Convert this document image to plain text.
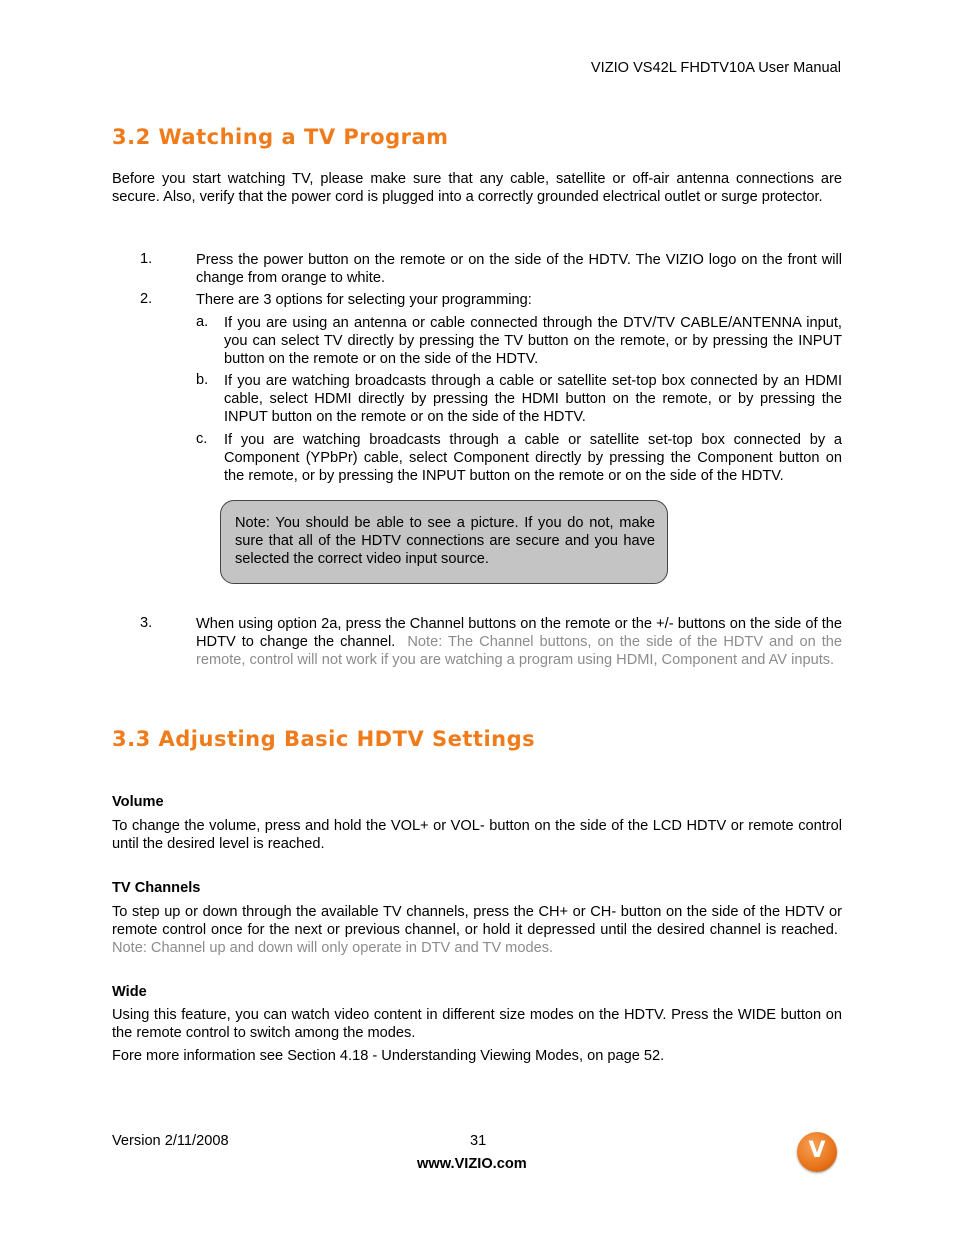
VIZIO VS42L FHDTV10A User Manual
3.2 Watching a TV Program
Before you start watching TV, please make sure that any cable, satellite or off-air antenna connections are secure. Also, verify that the power cord is plugged into a correctly grounded electrical outlet or surge protector.
1.	Press the power button on the remote or on the side of the HDTV. The VIZIO logo on the front will change from orange to white.
2.	There are 3 options for selecting your programming:
a. If you are using an antenna or cable connected through the DTV/TV CABLE/ANTENNA input, you can select TV directly by pressing the TV button on the remote, or by pressing the INPUT button on the remote or on the side of the HDTV.
b. If you are watching broadcasts through a cable or satellite set-top box connected by an HDMI cable, select HDMI directly by pressing the HDMI button on the remote, or by pressing the INPUT button on the remote or on the side of the HDTV.
c. If you are watching broadcasts through a cable or satellite set-top box connected by a Component (YPbPr) cable, select Component directly by pressing the Component button on the remote, or by pressing the INPUT button on the remote or on the side of the HDTV.
Note: You should be able to see a picture. If you do not, make sure that all of the HDTV connections are secure and you have selected the correct video input source.
3.	When using option 2a, press the Channel buttons on the remote or the +/- buttons on the side of the HDTV to change the channel. Note: The Channel buttons, on the side of the HDTV and on the remote, control will not work if you are watching a program using HDMI, Component and AV inputs.
3.3 Adjusting Basic HDTV Settings
Volume
To change the volume, press and hold the VOL+ or VOL- button on the side of the LCD HDTV or remote control until the desired level is reached.
TV Channels
To step up or down through the available TV channels, press the CH+ or CH- button on the side of the HDTV or remote control once for the next or previous channel, or hold it depressed until the desired channel is reached.  Note: Channel up and down will only operate in DTV and TV modes.
Wide
Using this feature, you can watch video content in different size modes on the HDTV. Press the WIDE button on the remote control to switch among the modes.
Fore more information see Section 4.18 - Understanding Viewing Modes, on page 52.
Version 2/11/2008	31
www.VIZIO.com
V
